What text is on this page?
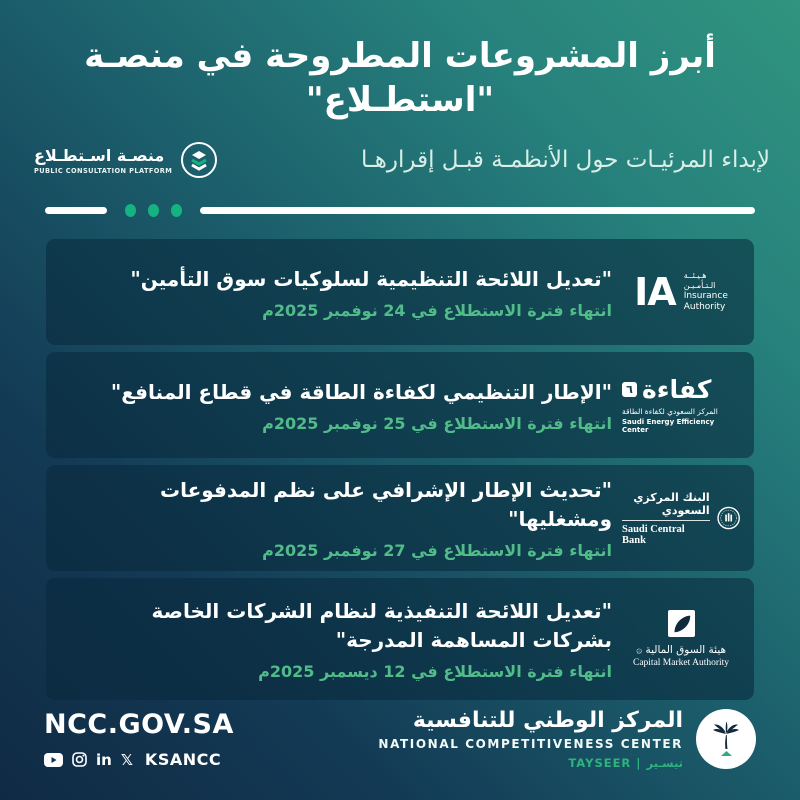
أبرز المشروعات المطروحة في منصـة "استطـلاع"
منصـة اسـتطـلاع
PUBLIC CONSULTATION PLATFORM	لإبداء المرئيـات حول الأنظمـة قبـل إقرارهـا
IA هـيـئــة
الـتـأمـيـن
Insurance
Authority
"تعديل اللائحة التنظيمية لسلوكيات سوق التأمين"
انتهاء فترة الاستطلاع في 24 نوفمبر 2025م
٦ كفاءة
المركز السعودي لكفاءة الطاقة
Saudi Energy Efficiency Center
"الإطار التنظيمي لكفاءة الطاقة في قطاع المنافع"
انتهاء فترة الاستطلاع في 25 نوفمبر 2025م
البنك المركزي السعودي
Saudi Central Bank
"تحديث الإطار الإشرافي على نظم المدفوعات ومشغليها"
انتهاء فترة الاستطلاع في 27 نوفمبر 2025م
هيئة السوق المالية ۞
Capital Market Authority
"تعديل اللائحة التنفيذية لنظام الشركات الخاصة بشركات المساهمة المدرجة"
انتهاء فترة الاستطلاع في 12 ديسمبر 2025م
NCC.GOV.SA
in 𝕏 KSANCC
المركز الوطني للتنافسية
NATIONAL COMPETITIVENESS CENTER
TAYSEER | تيسـير
